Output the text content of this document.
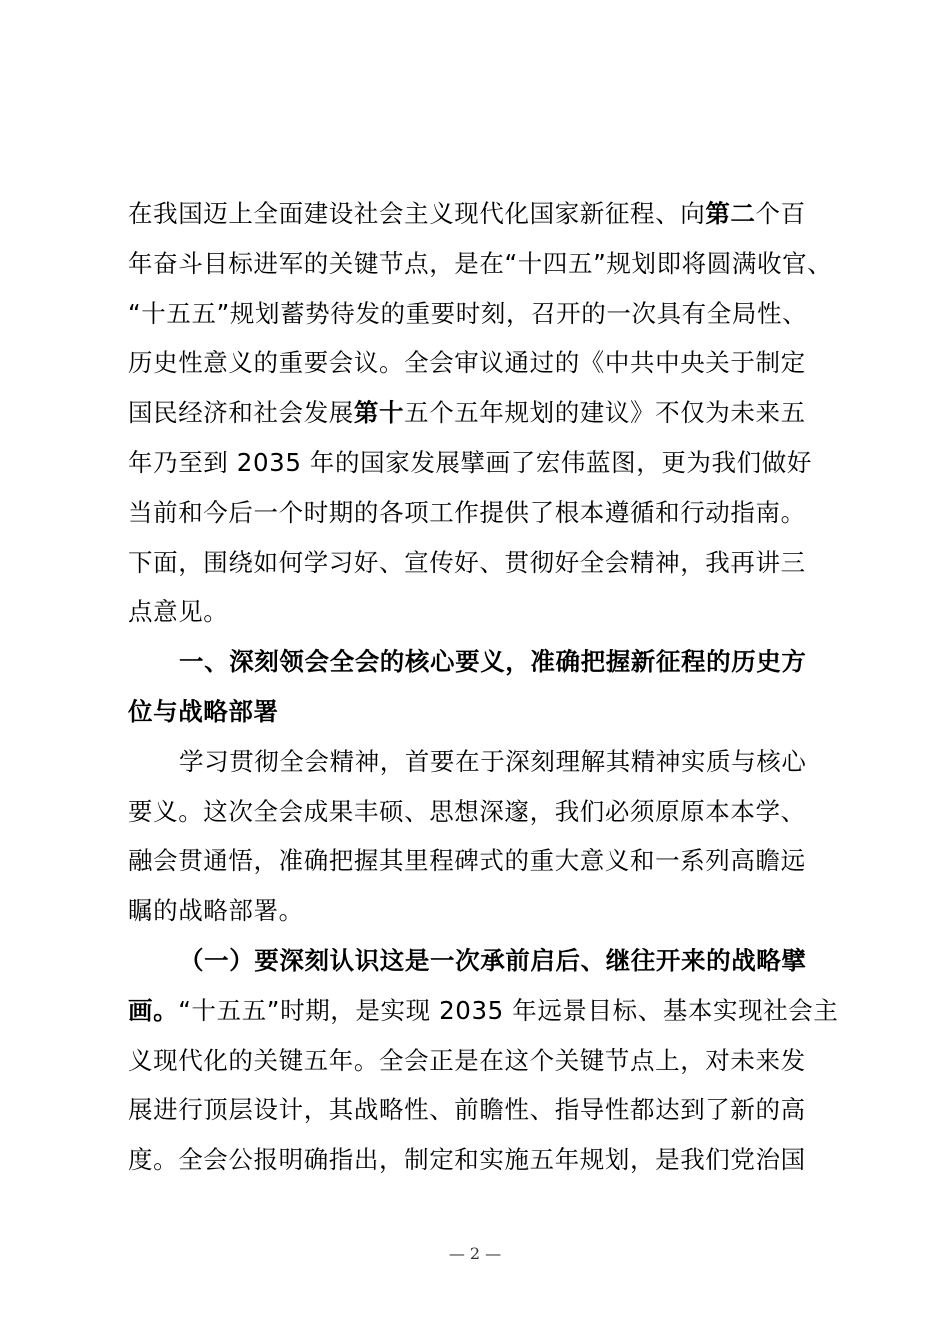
在我国迈上全面建设社会主义现代化国家新征程、向第二个百
年奋斗目标进军的关键节点，是在“十四五”规划即将圆满收官、
“十五五”规划蓄势待发的重要时刻，召开的一次具有全局性、
历史性意义的重要会议。全会审议通过的《中共中央关于制定
国民经济和社会发展第十五个五年规划的建议》不仅为未来五
年乃至到 2035 年的国家发展擘画了宏伟蓝图，更为我们做好
当前和今后一个时期的各项工作提供了根本遵循和行动指南。
下面，围绕如何学习好、宣传好、贯彻好全会精神，我再讲三
点意见。
一、深刻领会全会的核心要义，准确把握新征程的历史方
位与战略部署
学习贯彻全会精神，首要在于深刻理解其精神实质与核心
要义。这次全会成果丰硕、思想深邃，我们必须原原本本学、
融会贯通悟，准确把握其里程碑式的重大意义和一系列高瞻远
瞩的战略部署。
（一）要深刻认识这是一次承前启后、继往开来的战略擘
画。“十五五”时期，是实现 2035 年远景目标、基本实现社会主
义现代化的关键五年。全会正是在这个关键节点上，对未来发
展进行顶层设计，其战略性、前瞻性、指导性都达到了新的高
度。全会公报明确指出，制定和实施五年规划，是我们党治国
— 2 —
